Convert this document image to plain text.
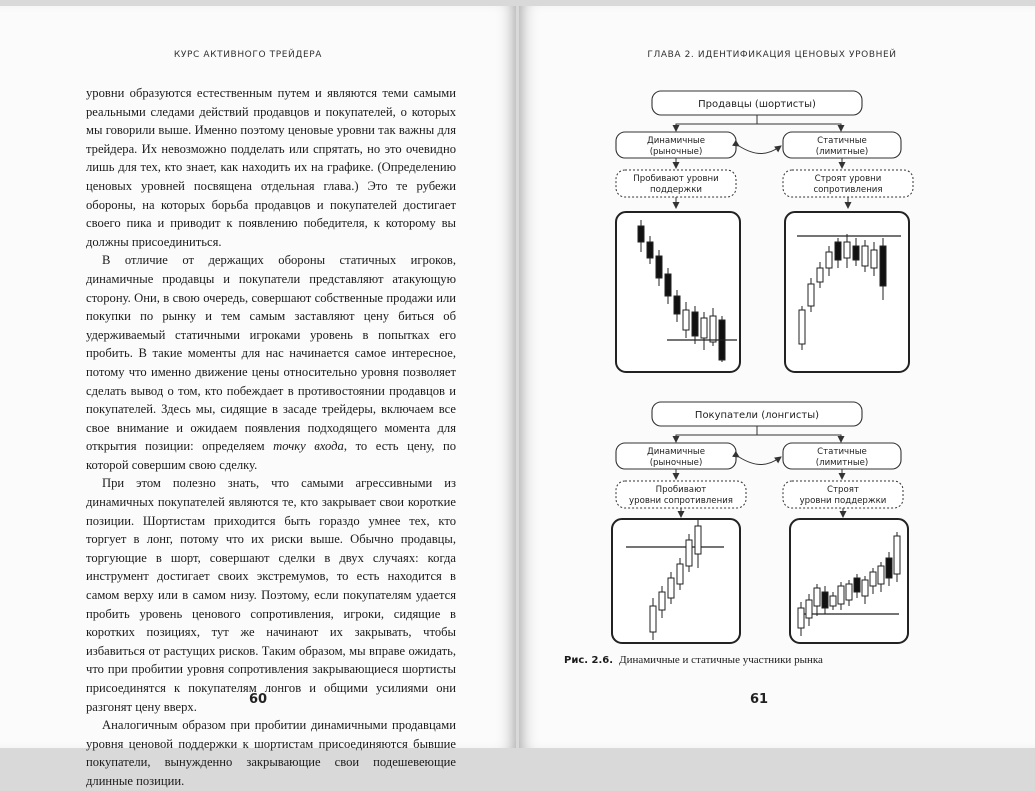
КУРС АКТИВНОГО ТРЕЙДЕРА

уровни образуются естественным путем и являются теми самыми реальными следами действий продавцов и покупателей, о которых мы говорили выше. Именно поэтому ценовые уровни так важны для трейдера. Их невозможно подделать или спрятать, но это очевидно лишь для тех, кто знает, как находить их на графике. (Определению ценовых уровней посвящена отдельная глава.) Это те рубежи обороны, на которых борьба продавцов и покупателей достигает своего пика и приводит к появлению победителя, к которому вы должны присоединиться.

В отличие от держащих обороны статичных игроков, динамичные продавцы и покупатели представляют атакующую сторону. Они, в свою очередь, совершают собственные продажи или покупки по рынку и тем самым заставляют цену биться об удерживаемый статичными игроками уровень в попытках его пробить. В такие моменты для нас начинается самое интересное, потому что именно движение цены относительно уровня позволяет сделать вывод о том, кто побеждает в противостоянии продавцов и покупателей. Здесь мы, сидящие в засаде трейдеры, включаем все свое внимание и ожидаем появления подходящего момента для открытия позиции: определяем точку входа, то есть цену, по которой совершим свою сделку.

При этом полезно знать, что самыми агрессивными из динамичных покупателей являются те, кто закрывает свои короткие позиции. Шортистам приходится быть гораздо умнее тех, кто торгует в лонг, потому что их риски выше. Обычно продавцы, торгующие в шорт, совершают сделки в двух случаях: когда инструмент достигает своих экстремумов, то есть находится в самом верху или в самом низу. Поэтому, если покупателям удается пробить уровень ценового сопротивления, игроки, сидящие в коротких позициях, тут же начинают их закрывать, чтобы избавиться от растущих рисков. Таким образом, мы вправе ожидать, что при пробитии уровня сопротивления закрывающиеся шортисты присоединятся к покупателям лонгов и общими усилиями они разгонят цену вверх.

Аналогичным образом при пробитии динамичными продавцами уровня ценовой поддержки к шортистам присоединяются бывшие покупатели, вынужденно закрывающие свои подешевеющие длинные позиции.

60
ГЛАВА 2. ИДЕНТИФИКАЦИЯ ЦЕНОВЫХ УРОВНЕЙ
Продавцы (шортисты)
Динамичные
(рыночные)
Статичные
(лимитные)
Пробивают уровни
поддержки
Строят уровни
сопротивления
Покупатели (лонгисты)
Динамичные
(рыночные)
Статичные
(лимитные)
Пробивают
уровни сопротивления
Строят
уровни поддержки
Рис. 2.6. Динамичные и статичные участники рынка
61
